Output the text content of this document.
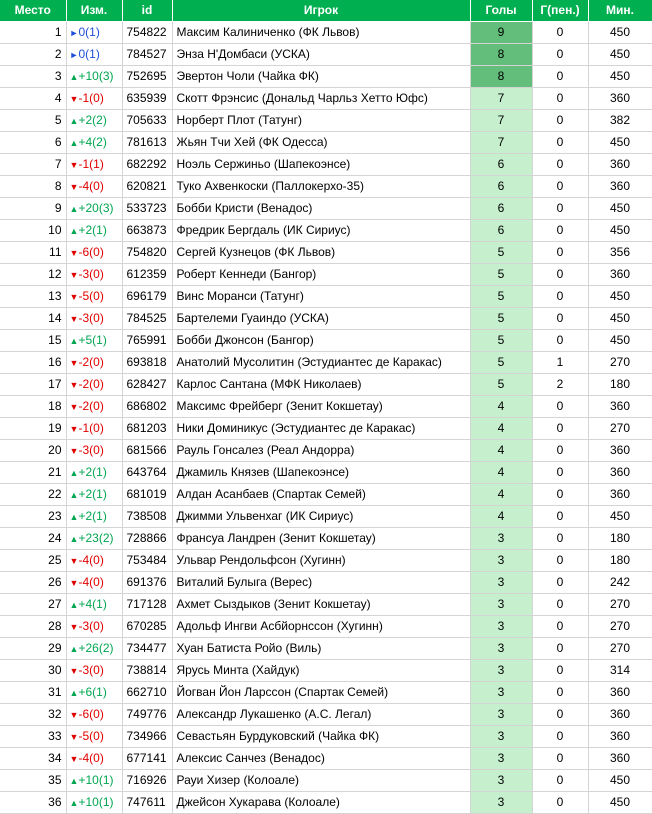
Место	Изм.	id	Игрок	Голы	Г(пен.)	Мин.
1	►0(1)	754822	Максим Калиниченко (ФК Львов)	9	0	450
2	►0(1)	784527	Энза Н'Домбаси (УСКА)	8	0	450
3	▲+10(3)	752695	Эвертон Чоли (Чайка ФК)	8	0	450
4	▼-1(0)	635939	Скотт Фрэнсис (Дональд Чарльз Хетто Юфс)	7	0	360
5	▲+2(2)	705633	Норберт Плот (Татунг)	7	0	382
6	▲+4(2)	781613	Жьян Тчи Хей (ФК Одесса)	7	0	450
7	▼-1(1)	682292	Ноэль Сержиньо (Шапекоэнсе)	6	0	360
8	▼-4(0)	620821	Туко Ахвенкоски (Паллокерхо-35)	6	0	360
9	▲+20(3)	533723	Бобби Кристи (Венадос)	6	0	450
10	▲+2(1)	663873	Фредрик Бергдаль (ИК Сириус)	6	0	450
11	▼-6(0)	754820	Сергей Кузнецов (ФК Львов)	5	0	356
12	▼-3(0)	612359	Роберт Кеннеди (Бангор)	5	0	360
13	▼-5(0)	696179	Винс Моранси (Татунг)	5	0	450
14	▼-3(0)	784525	Бартелеми Гуаиндо (УСКА)	5	0	450
15	▲+5(1)	765991	Бобби Джонсон (Бангор)	5	0	450
16	▼-2(0)	693818	Анатолий Мусолитин (Эстудиантес де Каракас)	5	1	270
17	▼-2(0)	628427	Карлос Сантана (МФК Николаев)	5	2	180
18	▼-2(0)	686802	Максимс Фрейберг (Зенит Кокшетау)	4	0	360
19	▼-1(0)	681203	Ники Доминикус (Эстудиантес де Каракас)	4	0	270
20	▼-3(0)	681566	Рауль Гонсалез (Реал Андорра)	4	0	360
21	▲+2(1)	643764	Джамиль Князев (Шапекоэнсе)	4	0	360
22	▲+2(1)	681019	Алдан Асанбаев (Спартак Семей)	4	0	360
23	▲+2(1)	738508	Джимми Ульвенхаг (ИК Сириус)	4	0	450
24	▲+23(2)	728866	Франсуа Ландрен (Зенит Кокшетау)	3	0	180
25	▼-4(0)	753484	Ульвар Рендольфсон (Хугинн)	3	0	180
26	▼-4(0)	691376	Виталий Булыга (Верес)	3	0	242
27	▲+4(1)	717128	Ахмет Сыздыков (Зенит Кокшетау)	3	0	270
28	▼-3(0)	670285	Адольф Ингви Асбйорнссон (Хугинн)	3	0	270
29	▲+26(2)	734477	Хуан Батиста Ройо (Виль)	3	0	270
30	▼-3(0)	738814	Ярусь Минта (Хайдук)	3	0	314
31	▲+6(1)	662710	Йогван Йон Ларссон (Спартак Семей)	3	0	360
32	▼-6(0)	749776	Александр Лукашенко (А.С. Легал)	3	0	360
33	▼-5(0)	734966	Севастьян Бурдуковский (Чайка ФК)	3	0	360
34	▼-4(0)	677141	Алексис Санчез (Венадос)	3	0	360
35	▲+10(1)	716926	Рауи Хизер (Колоале)	3	0	450
36	▲+10(1)	747611	Джейсон Хукарава (Колоале)	3	0	450
